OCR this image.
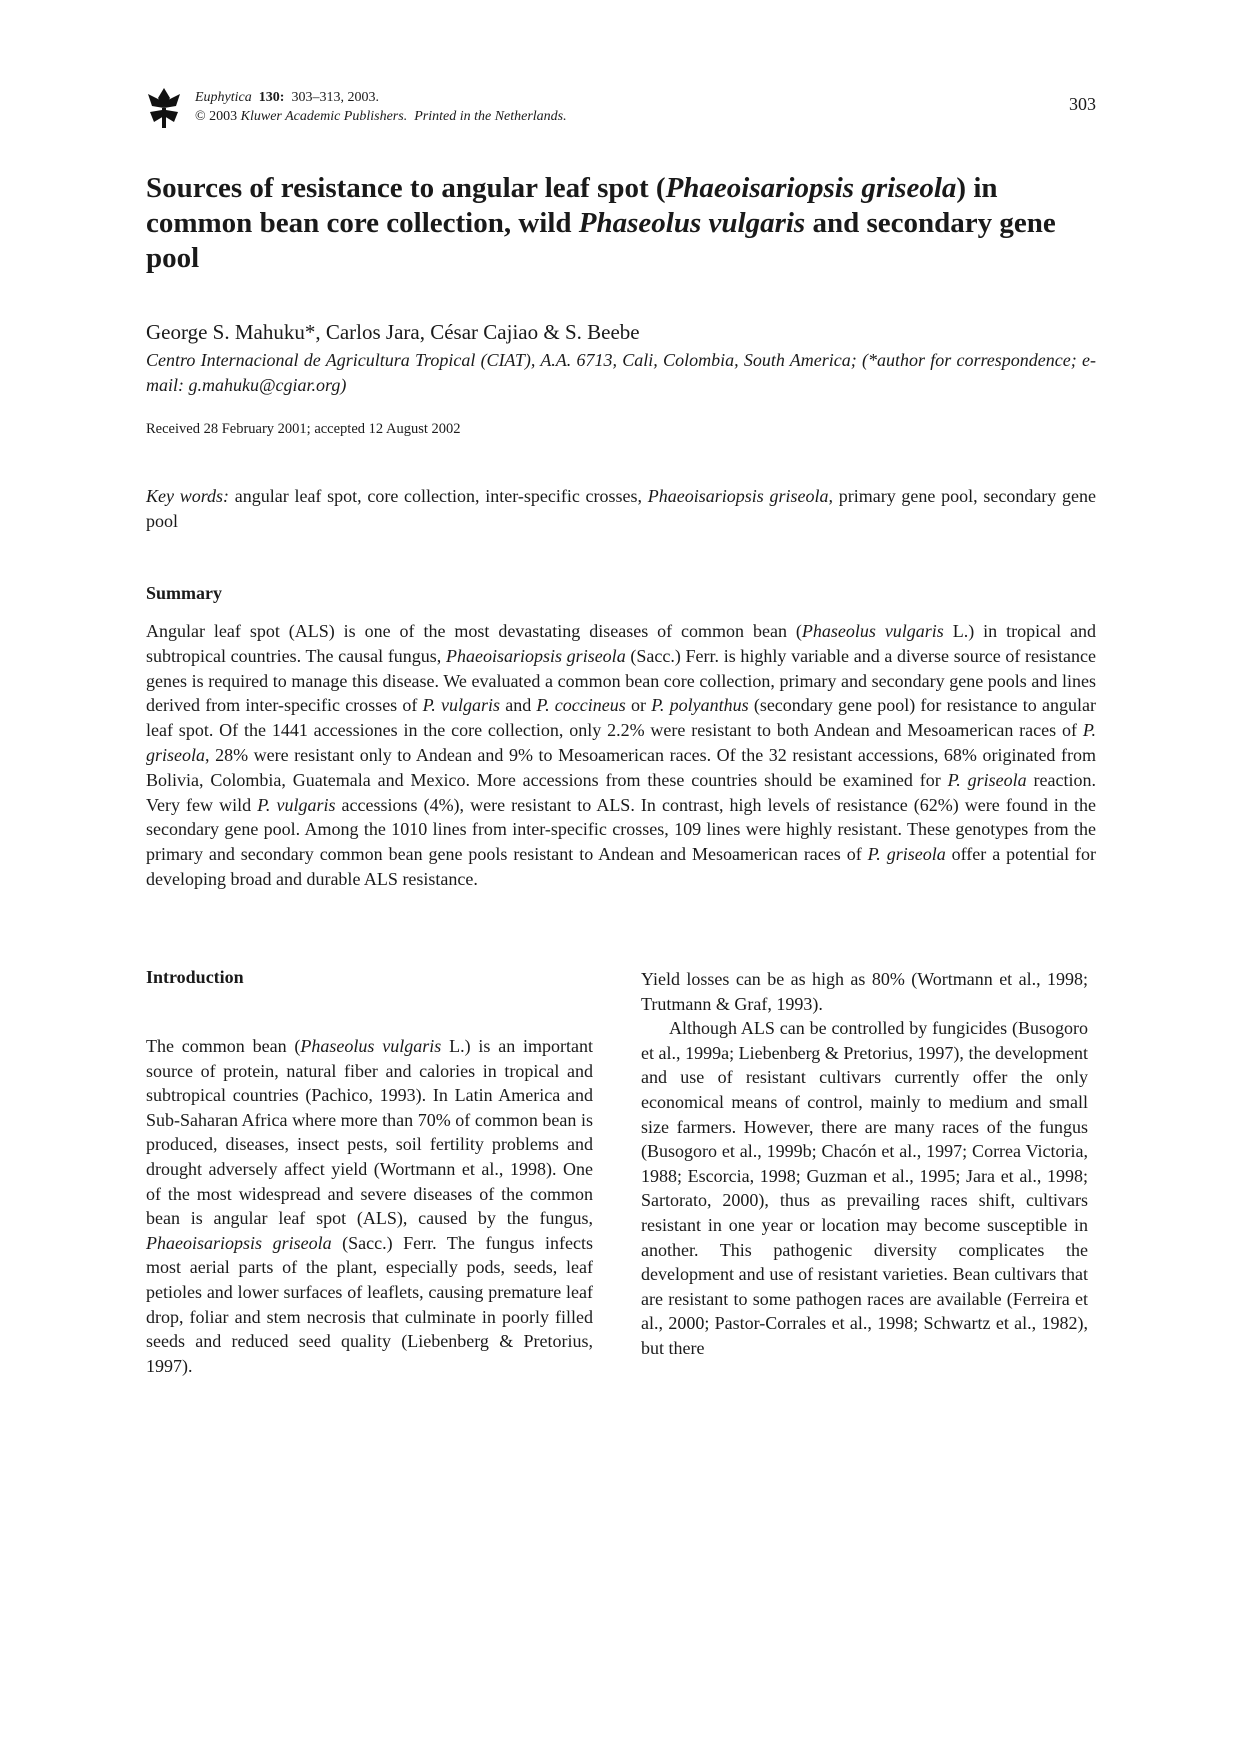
Euphytica 130: 303–313, 2003.
© 2003 Kluwer Academic Publishers. Printed in the Netherlands.
303
Sources of resistance to angular leaf spot (Phaeoisariopsis griseola) in common bean core collection, wild Phaseolus vulgaris and secondary gene pool
George S. Mahuku*, Carlos Jara, César Cajiao & S. Beebe
Centro Internacional de Agricultura Tropical (CIAT), A.A. 6713, Cali, Colombia, South America; (*author for correspondence; e-mail: g.mahuku@cgiar.org)
Received 28 February 2001; accepted 12 August 2002
Key words: angular leaf spot, core collection, inter-specific crosses, Phaeoisariopsis griseola, primary gene pool, secondary gene pool
Summary

Angular leaf spot (ALS) is one of the most devastating diseases of common bean (Phaseolus vulgaris L.) in tropical and subtropical countries. The causal fungus, Phaeoisariopsis griseola (Sacc.) Ferr. is highly variable and a diverse source of resistance genes is required to manage this disease. We evaluated a common bean core collection, primary and secondary gene pools and lines derived from inter-specific crosses of P. vulgaris and P. coccineus or P. polyanthus (secondary gene pool) for resistance to angular leaf spot. Of the 1441 accessiones in the core collection, only 2.2% were resistant to both Andean and Mesoamerican races of P. griseola, 28% were resistant only to Andean and 9% to Mesoamerican races. Of the 32 resistant accessions, 68% originated from Bolivia, Colombia, Guatemala and Mexico. More accessions from these countries should be examined for P. griseola reaction. Very few wild P. vulgaris accessions (4%), were resistant to ALS. In contrast, high levels of resistance (62%) were found in the secondary gene pool. Among the 1010 lines from inter-specific crosses, 109 lines were highly resistant. These genotypes from the primary and secondary common bean gene pools resistant to Andean and Mesoamerican races of P. griseola offer a potential for developing broad and durable ALS resistance.

Introduction

The common bean (Phaseolus vulgaris L.) is an important source of protein, natural fiber and calories in tropical and subtropical countries (Pachico, 1993). In Latin America and Sub-Saharan Africa where more than 70% of common bean is produced, diseases, insect pests, soil fertility problems and drought adversely affect yield (Wortmann et al., 1998). One of the most widespread and severe diseases of the common bean is angular leaf spot (ALS), caused by the fungus, Phaeoisariopsis griseola (Sacc.) Ferr. The fungus infects most aerial parts of the plant, especially pods, seeds, leaf petioles and lower surfaces of leaflets, causing premature leaf drop, foliar and stem necrosis that culminate in poorly filled seeds and reduced seed quality (Liebenberg & Pretorius, 1997).

Yield losses can be as high as 80% (Wortmann et al., 1998; Trutmann & Graf, 1993).

Although ALS can be controlled by fungicides (Busogoro et al., 1999a; Liebenberg & Pretorius, 1997), the development and use of resistant cultivars currently offer the only economical means of control, mainly to medium and small size farmers. However, there are many races of the fungus (Busogoro et al., 1999b; Chacón et al., 1997; Correa Victoria, 1988; Escorcia, 1998; Guzman et al., 1995; Jara et al., 1998; Sartorato, 2000), thus as prevailing races shift, cultivars resistant in one year or location may become susceptible in another. This pathogenic diversity complicates the development and use of resistant varieties. Bean cultivars that are resistant to some pathogen races are available (Ferreira et al., 2000; Pastor-Corrales et al., 1998; Schwartz et al., 1982), but there
